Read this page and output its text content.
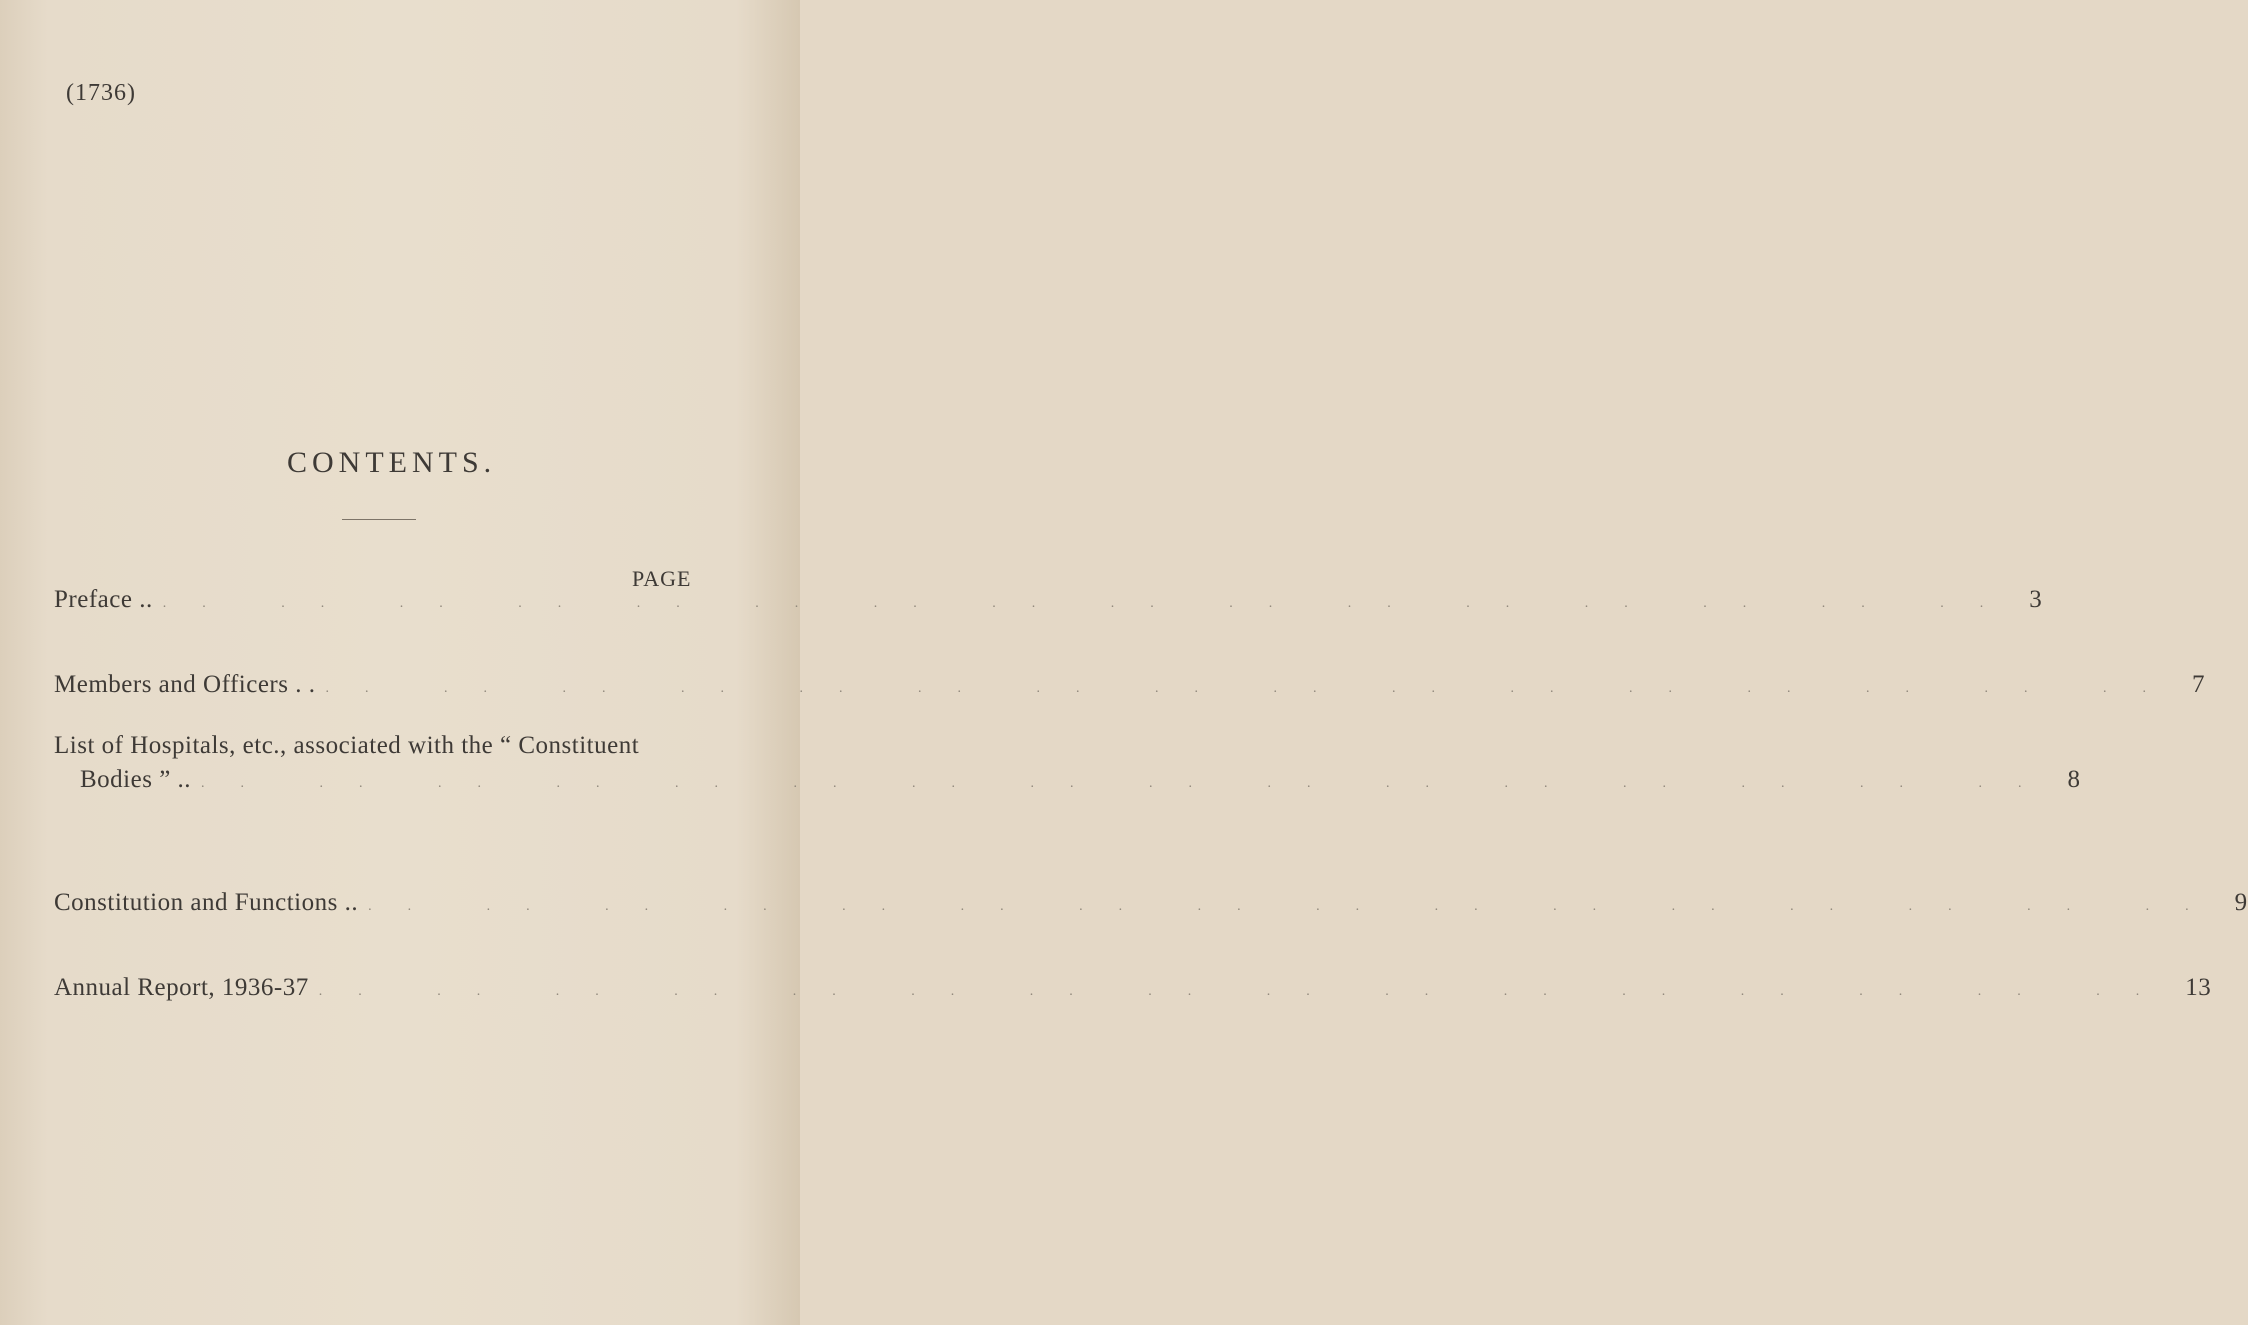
(1736)
CONTENTS.
PAGE
Preface .. .. .. .. .. .. .. .. .. .. .. .. .. .. .. .. .. 3
Members and Officers . . .. .. .. .. .. .. .. .. .. .. .. .. .. .. .. .. 7
List of Hospitals, etc., associated with the “ Constituent
Bodies ” .. .. .. .. .. .. .. .. .. .. .. .. .. .. .. .. .. 8
Constitution and Functions .. .. .. .. .. .. .. .. .. .. .. .. .. .. .. .. .. 9
Annual Report, 1936-37 .. .. .. .. .. .. .. .. .. .. .. .. .. .. .. .. 13
